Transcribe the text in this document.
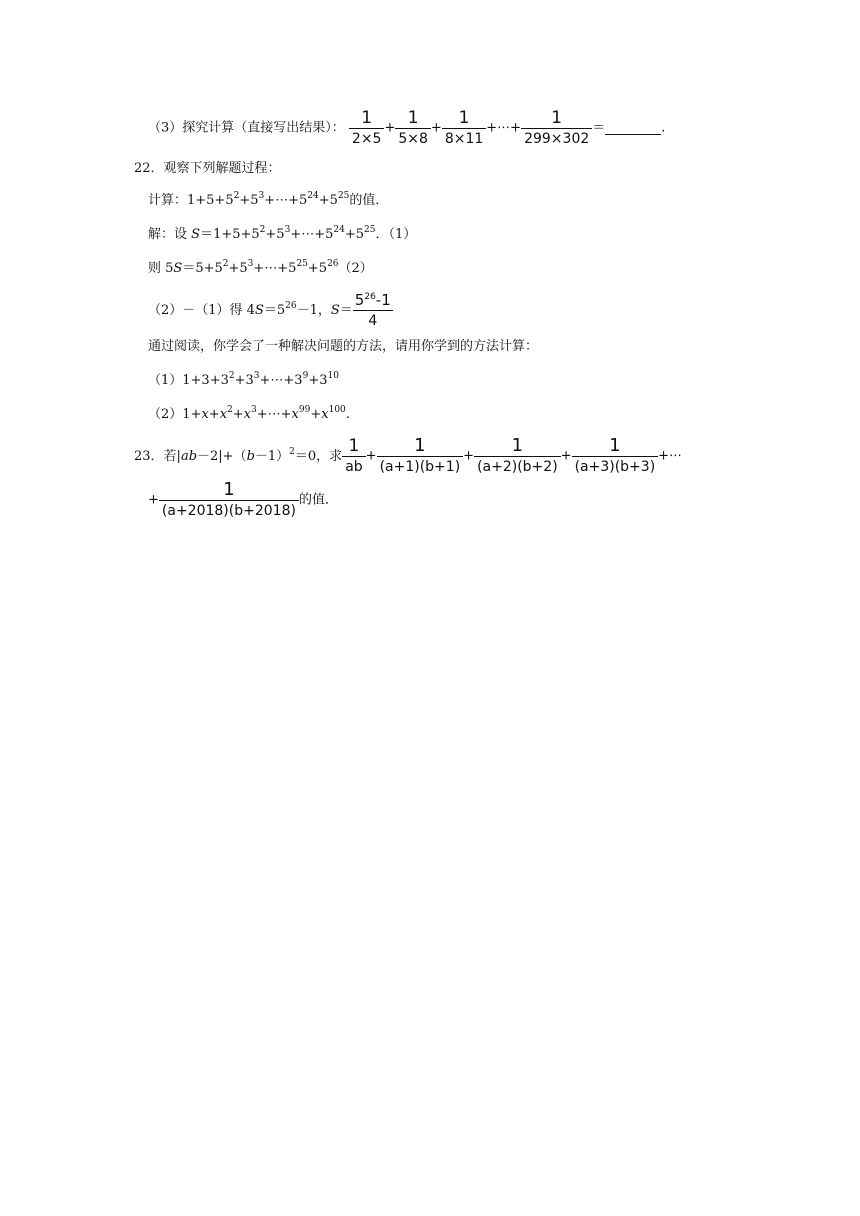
（3）探究计算（直接写出结果）： $\frac{1}{2\times 5} + \frac{1}{5\times 8} + \frac{1}{8\times 11}$ +⋯+ $\frac{1}{299\times 302}$ ＝	.
22．观察下列解题过程：
计算：$1+5+5^2+5^3+\cdots+5^{24}+5^{25}$的值．
解：设 $S=1+5+5^2+5^3+\cdots+5^{24}+5^{25}$．（1）
则 $5S=5+5^2+5^3+\cdots+5^{25}+5^{26}(2)$
（2）－（1）得 $4S=5^{26}-1$，$S= \frac{5^{26}-1}{4}$
通过阅读，你学会了一种解决问题的方法，请用你学到的方法计算：
$(1)1+3+3^2+3^3+\cdots+3^9+3^{10}$
$(2)1+x+x^2+x^3+\cdots+x^{99}+x^{100}$.
23．若$|ab-2|+(b-1)^2=0$，求 $\frac{1}{ab} + \frac{1}{(a+1)(b+1)} + \frac{1}{(a+2)(b+2)} + \frac{1}{(a+3)(b+3)}$ +⋯
+ $\frac{1}{(a+2018)(b+2018)}$ 的值．
